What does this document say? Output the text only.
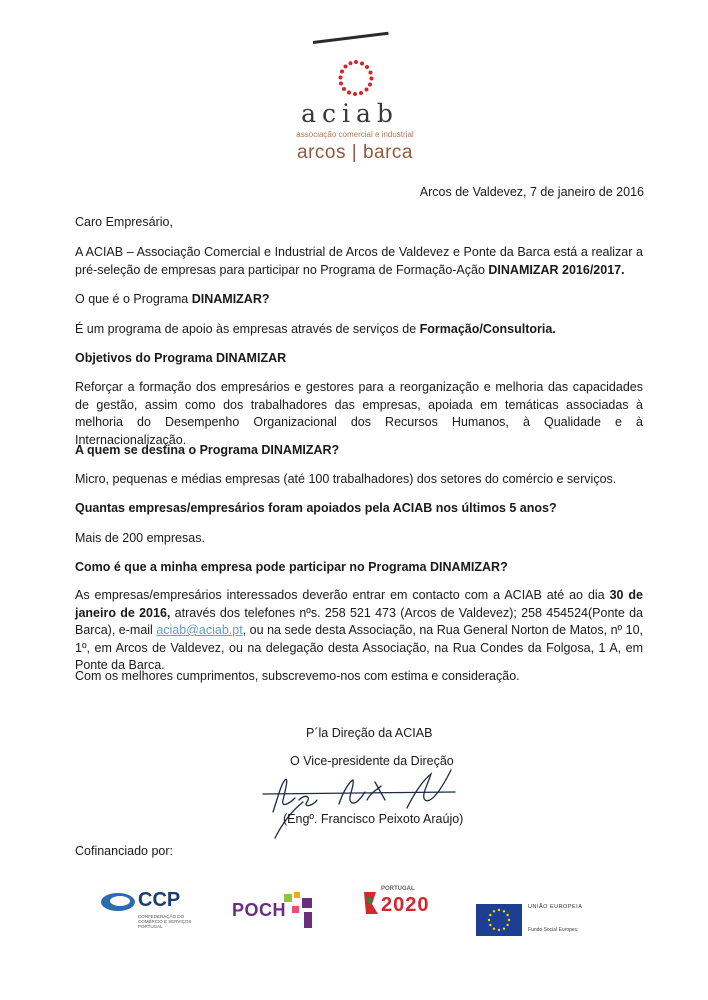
aciab
associação comercial e industrial
arcos | barca
Arcos de Valdevez, 7 de janeiro de 2016

Caro Empresário,

A ACIAB – Associação Comercial e Industrial de Arcos de Valdevez e Ponte da Barca está a realizar a pré-seleção de empresas para participar no Programa de Formação-Ação DINAMIZAR 2016/2017.

O que é o Programa DINAMIZAR?

É um programa de apoio às empresas através de serviços de Formação/Consultoria.

Objetivos do Programa DINAMIZAR

Reforçar a formação dos empresários e gestores para a reorganização e melhoria das capacidades de gestão, assim como dos trabalhadores das empresas, apoiada em temáticas associadas à melhoria do Desempenho Organizacional dos Recursos Humanos, à Qualidade e à Internacionalização.

A quem se destina o Programa DINAMIZAR?

Micro, pequenas e médias empresas (até 100 trabalhadores) dos setores do comércio e serviços.

Quantas empresas/empresários foram apoiados pela ACIAB nos últimos 5 anos?

Mais de 200 empresas.

Como é que a minha empresa pode participar no Programa DINAMIZAR?

As empresas/empresários interessados deverão entrar em contacto com a ACIAB até ao dia 30 de janeiro de 2016, através dos telefones nºs. 258 521 473 (Arcos de Valdevez); 258 454524(Ponte da Barca), e-mail aciab@aciab.pt, ou na sede desta Associação, na Rua General Norton de Matos, nº 10, 1º, em Arcos de Valdevez, ou na delegação desta Associação, na Rua Condes da Folgosa, 1 A, em Ponte da Barca.

Com os melhores cumprimentos, subscrevemo-nos com estima e consideração.

P´la Direção da ACIAB
O Vice-presidente da Direção
(Engº. Francisco Peixoto Araújo)

Cofinanciado por:

CCP
CONFEDERAÇÃO DO COMÉRCIO E SERVIÇOS PORTUGAL
POCH
PORTUGAL
2020	UNIÃO EUROPEIA
Fundo Social Europeu
